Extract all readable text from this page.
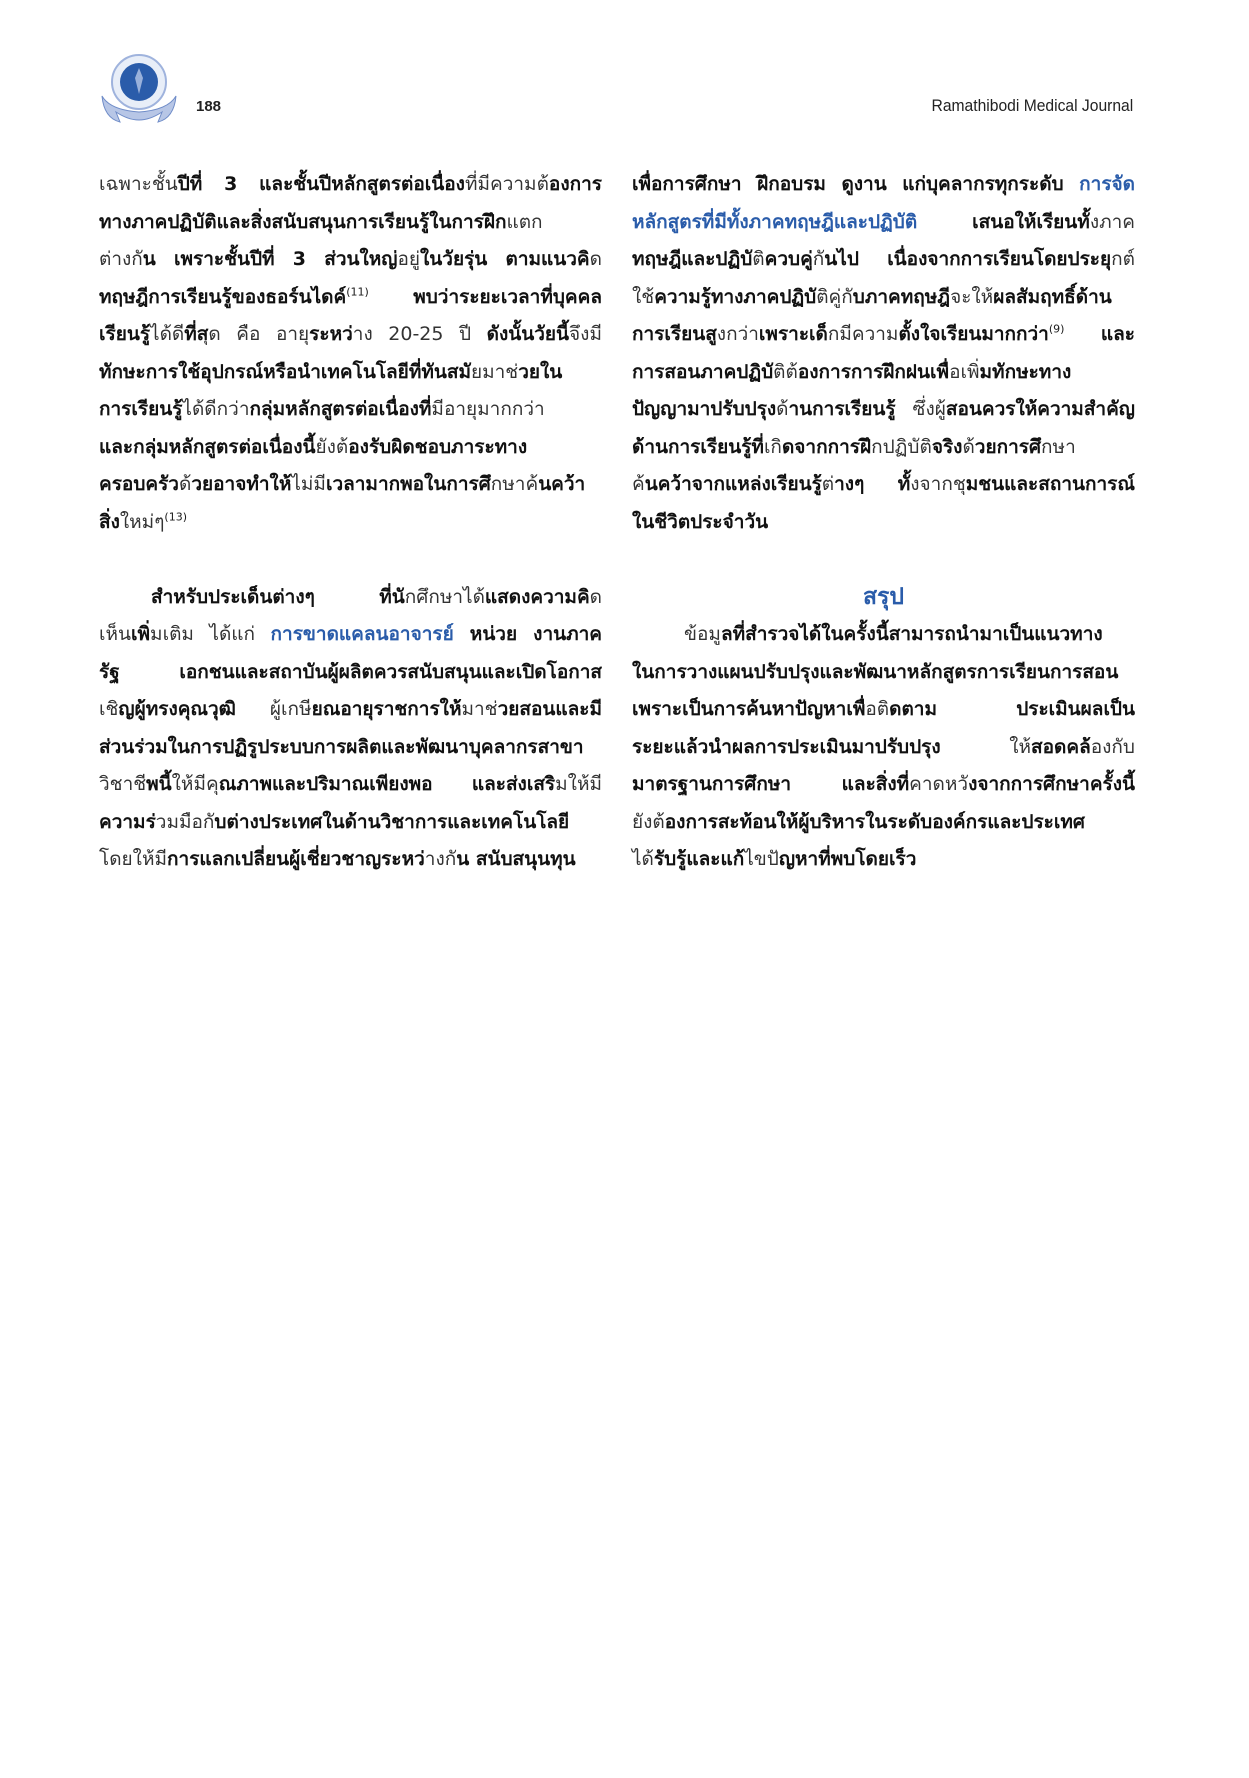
188	Ramathibodi Medical Journal
เฉพาะชั้นปีที่ 3 และชั้นปีหลักสูตรต่อเนื่องที่มีความต้องการ
ทางภาคปฏิบัติและสิ่งสนับสนุนการเรียนรู้ในการฝึกแตก
ต่างกัน เพราะชั้นปีที่ 3 ส่วนใหญ่อยู่ในวัยรุ่น ตามแนวคิด
ทฤษฎีการเรียนรู้ของธอร์นไดค์$^{(11)}$ พบว่าระยะเวลาที่บุคคล
เรียนรู้ได้ดีที่สุด คือ อายุระหว่าง 20-25 ปี ดังนั้นวัยนี้จึงมี
ทักษะการใช้อุปกรณ์หรือนำเทคโนโลยีที่ทันสมัยมาช่วยใน
การเรียนรู้ได้ดีกว่ากลุ่มหลักสูตรต่อเนื่องที่มีอายุมากกว่า
และกลุ่มหลักสูตรต่อเนื่องนี้ยังต้องรับผิดชอบภาระทาง
ครอบครัวด้วยอาจทำให้ไม่มีเวลามากพอในการศึกษาค้นคว้า
สิ่งใหม่ๆ$^{(13)}$
สำหรับประเด็นต่างๆ ที่นักศึกษาได้แสดงความคิด
เห็นเพิ่มเติม ได้แก่ การขาดแคลนอาจารย์ หน่วย งานภาค
รัฐ เอกชนและสถาบันผู้ผลิตควรสนับสนุนและเปิดโอกาส
เชิญผู้ทรงคุณวุฒิ ผู้เกษียณอายุราชการให้มาช่วยสอนและมี
ส่วนร่วมในการปฏิรูประบบการผลิตและพัฒนาบุคลากรสาขา
วิชาชีพนี้ให้มีคุณภาพและปริมาณเพียงพอ และส่งเสริมให้มี
ความร่วมมือกับต่างประเทศในด้านวิชาการและเทคโนโลยี
โดยให้มีการแลกเปลี่ยนผู้เชี่ยวชาญระหว่างกัน สนับสนุนทุน
เพื่อการศึกษา ฝึกอบรม ดูงาน แก่บุคลากรทุกระดับ การจัด
หลักสูตรที่มีทั้งภาคทฤษฎีและปฏิบัติ เสนอให้เรียนทั้งภาค
ทฤษฎีและปฏิบัติควบคู่กันไป เนื่องจากการเรียนโดยประยุกต์
ใช้ความรู้ทางภาคปฏิบัติคู่กับภาคทฤษฎีจะให้ผลสัมฤทธิ์ด้าน
การเรียนสูงกว่าเพราะเด็กมีความตั้งใจเรียนมากกว่า$^{(9)}$ และ
การสอนภาคปฏิบัติต้องการการฝึกฝนเพื่อเพิ่มทักษะทาง
ปัญญามาปรับปรุงด้านการเรียนรู้ ซึ่งผู้สอนควรให้ความสำคัญ
ด้านการเรียนรู้ที่เกิดจากการฝึกปฏิบัติจริงด้วยการศึกษา
ค้นคว้าจากแหล่งเรียนรู้ต่างๆ ทั้งจากชุมชนและสถานการณ์
ในชีวิตประจำวัน
สรุป
ข้อมูลที่สำรวจได้ในครั้งนี้สามารถนำมาเป็นแนวทาง
ในการวางแผนปรับปรุงและพัฒนาหลักสูตรการเรียนการสอน
เพราะเป็นการค้นหาปัญหาเพื่อติดตาม ประเมินผลเป็น
ระยะแล้วนำผลการประเมินมาปรับปรุง ให้สอดคล้องกับ
มาตรฐานการศึกษา และสิ่งที่คาดหวังจากการศึกษาครั้งนี้
ยังต้องการสะท้อนให้ผู้บริหารในระดับองค์กรและประเทศ
ได้รับรู้และแก้ไขปัญหาที่พบโดยเร็ว
